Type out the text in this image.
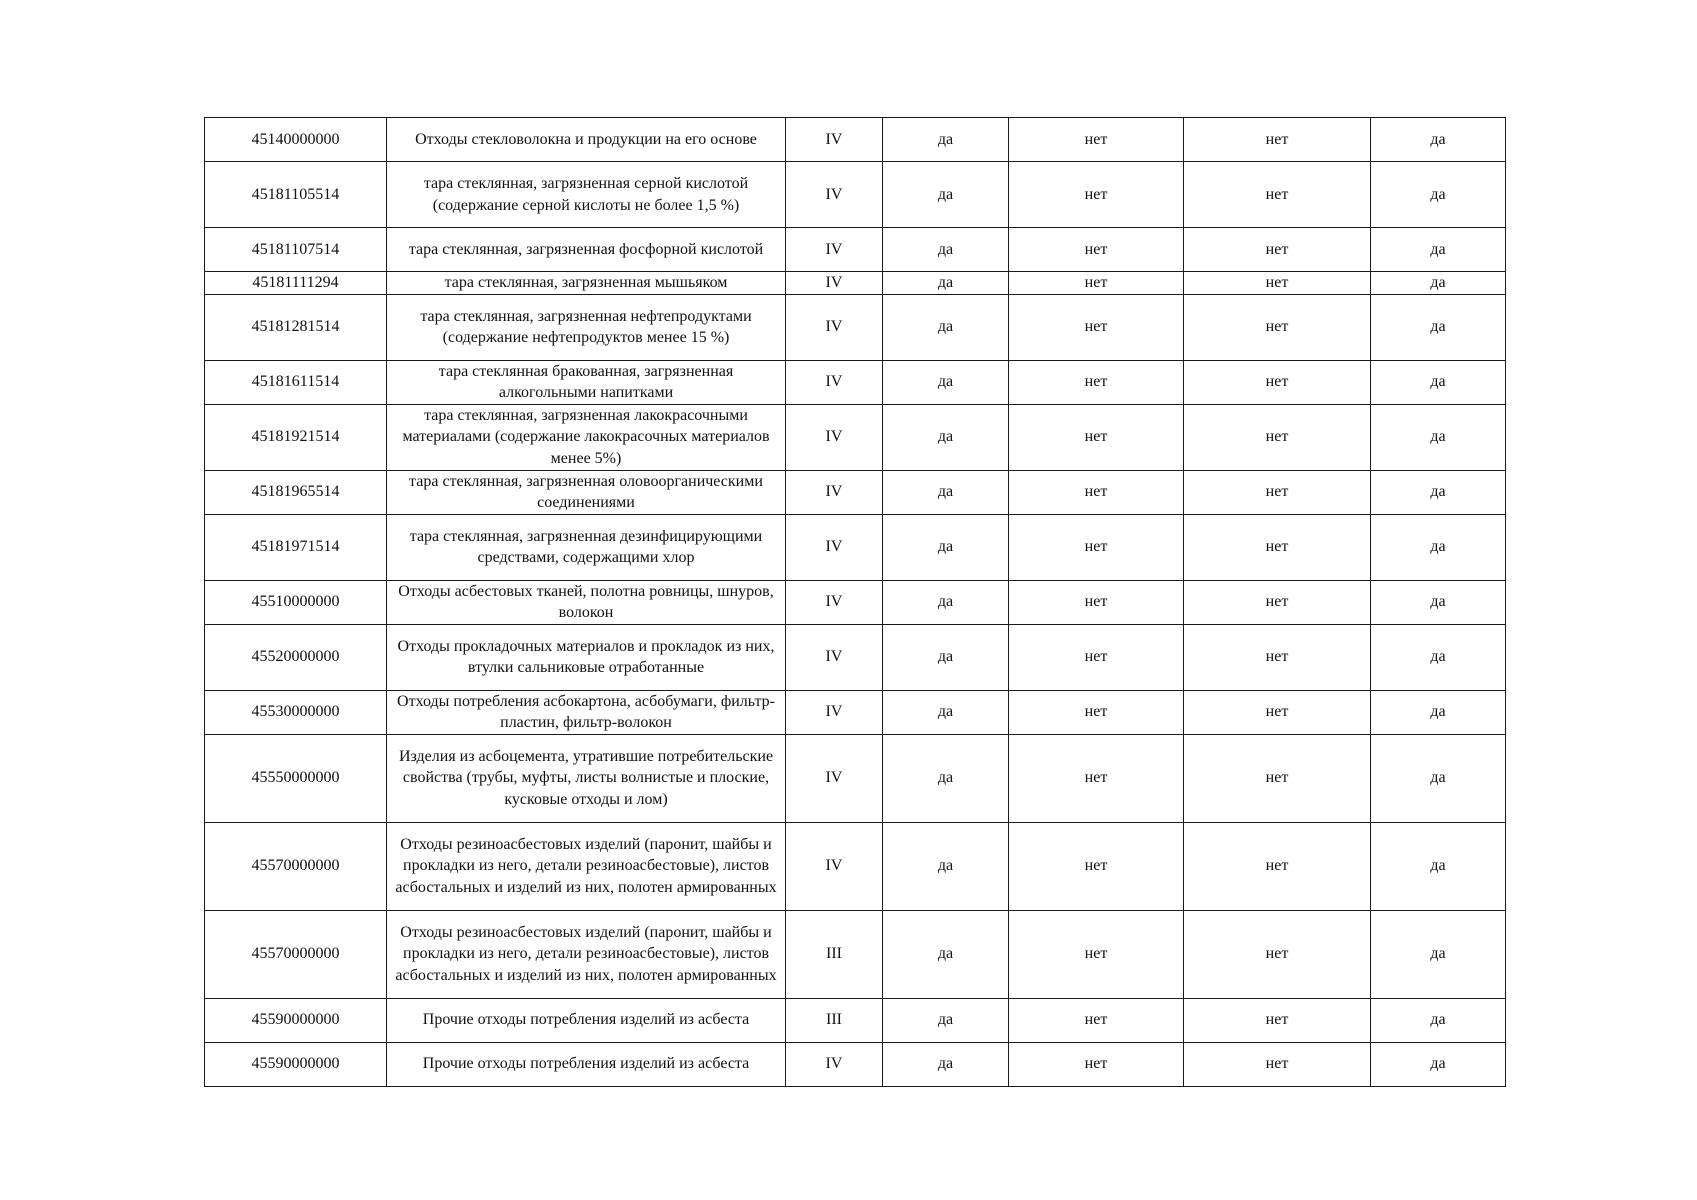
45140000000	Отходы стекловолокна и продукции на его основе	IV	да	нет	нет	да
45181105514	тара стеклянная, загрязненная серной кислотой (содержание серной кислоты не более 1,5 %)	IV	да	нет	нет	да
45181107514	тара стеклянная, загрязненная фосфорной кислотой	IV	да	нет	нет	да
45181111294	тара стеклянная, загрязненная мышьяком	IV	да	нет	нет	да
45181281514	тара стеклянная, загрязненная нефтепродуктами (содержание нефтепродуктов менее 15 %)	IV	да	нет	нет	да
45181611514	тара стеклянная бракованная, загрязненная алкогольными напитками	IV	да	нет	нет	да
45181921514	тара стеклянная, загрязненная лакокрасочными материалами (содержание лакокрасочных материалов менее 5%)	IV	да	нет	нет	да
45181965514	тара стеклянная, загрязненная оловоорганическими соединениями	IV	да	нет	нет	да
45181971514	тара стеклянная, загрязненная дезинфицирующими средствами, содержащими хлор	IV	да	нет	нет	да
45510000000	Отходы асбестовых тканей, полотна ровницы, шнуров, волокон	IV	да	нет	нет	да
45520000000	Отходы прокладочных материалов и прокладок из них, втулки сальниковые отработанные	IV	да	нет	нет	да
45530000000	Отходы потребления асбокартона, асбобумаги, фильтр-пластин, фильтр-волокон	IV	да	нет	нет	да
45550000000	Изделия из асбоцемента, утратившие потребительские свойства (трубы, муфты, листы волнистые и плоские, кусковые отходы и лом)	IV	да	нет	нет	да
45570000000	Отходы резиноасбестовых изделий (паронит, шайбы и прокладки из него, детали резиноасбестовые), листов асбостальных и изделий из них, полотен армированных	IV	да	нет	нет	да
45570000000	Отходы резиноасбестовых изделий (паронит, шайбы и прокладки из него, детали резиноасбестовые), листов асбостальных и изделий из них, полотен армированных	III	да	нет	нет	да
45590000000	Прочие отходы потребления изделий из асбеста	III	да	нет	нет	да
45590000000	Прочие отходы потребления изделий из асбеста	IV	да	нет	нет	да
